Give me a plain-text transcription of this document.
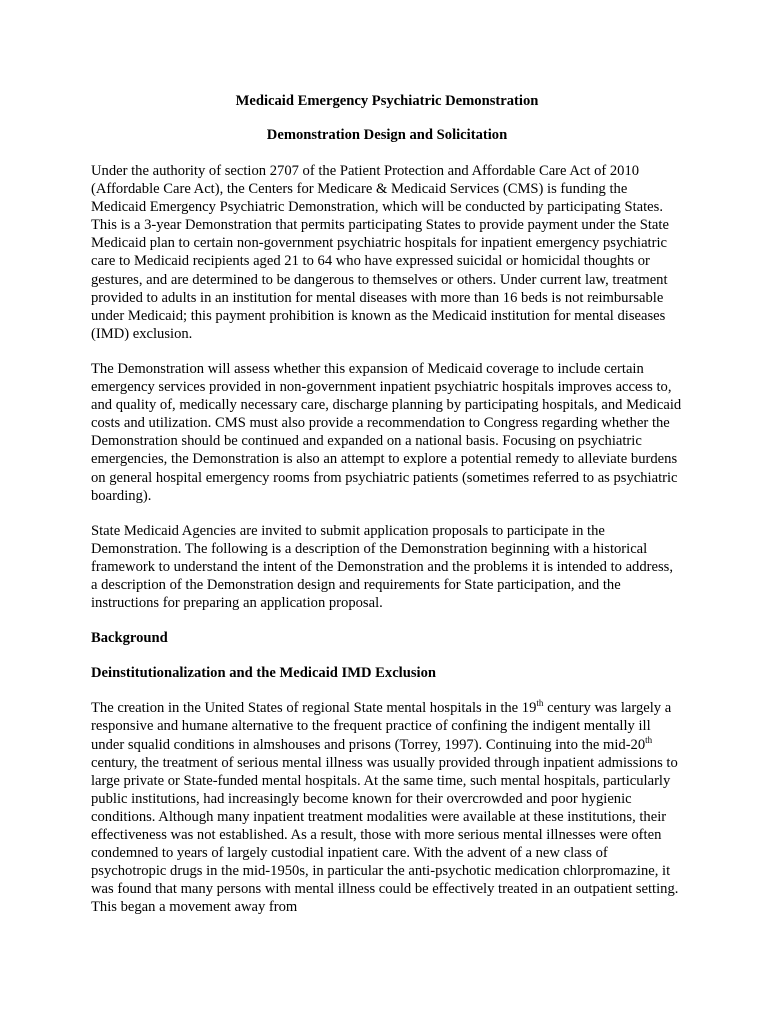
Medicaid Emergency Psychiatric Demonstration
Demonstration Design and Solicitation

Under the authority of section 2707 of the Patient Protection and Affordable Care Act of 2010 (Affordable Care Act), the Centers for Medicare & Medicaid Services (CMS) is funding the Medicaid Emergency Psychiatric Demonstration, which will be conducted by participating States. This is a 3-year Demonstration that permits participating States to provide payment under the State Medicaid plan to certain non-government psychiatric hospitals for inpatient emergency psychiatric care to Medicaid recipients aged 21 to 64 who have expressed suicidal or homicidal thoughts or gestures, and are determined to be dangerous to themselves or others. Under current law, treatment provided to adults in an institution for mental diseases with more than 16 beds is not reimbursable under Medicaid; this payment prohibition is known as the Medicaid institution for mental diseases (IMD) exclusion.

The Demonstration will assess whether this expansion of Medicaid coverage to include certain emergency services provided in non-government inpatient psychiatric hospitals improves access to, and quality of, medically necessary care, discharge planning by participating hospitals, and Medicaid costs and utilization. CMS must also provide a recommendation to Congress regarding whether the Demonstration should be continued and expanded on a national basis. Focusing on psychiatric emergencies, the Demonstration is also an attempt to explore a potential remedy to alleviate burdens on general hospital emergency rooms from psychiatric patients (sometimes referred to as psychiatric boarding).

State Medicaid Agencies are invited to submit application proposals to participate in the Demonstration. The following is a description of the Demonstration beginning with a historical framework to understand the intent of the Demonstration and the problems it is intended to address, a description of the Demonstration design and requirements for State participation, and the instructions for preparing an application proposal.

Background
Deinstitutionalization and the Medicaid IMD Exclusion

The creation in the United States of regional State mental hospitals in the 19th century was largely a responsive and humane alternative to the frequent practice of confining the indigent mentally ill under squalid conditions in almshouses and prisons (Torrey, 1997). Continuing into the mid-20th century, the treatment of serious mental illness was usually provided through inpatient admissions to large private or State-funded mental hospitals. At the same time, such mental hospitals, particularly public institutions, had increasingly become known for their overcrowded and poor hygienic conditions. Although many inpatient treatment modalities were available at these institutions, their effectiveness was not established. As a result, those with more serious mental illnesses were often condemned to years of largely custodial inpatient care. With the advent of a new class of psychotropic drugs in the mid-1950s, in particular the anti-psychotic medication chlorpromazine, it was found that many persons with mental illness could be effectively treated in an outpatient setting. This began a movement away from
